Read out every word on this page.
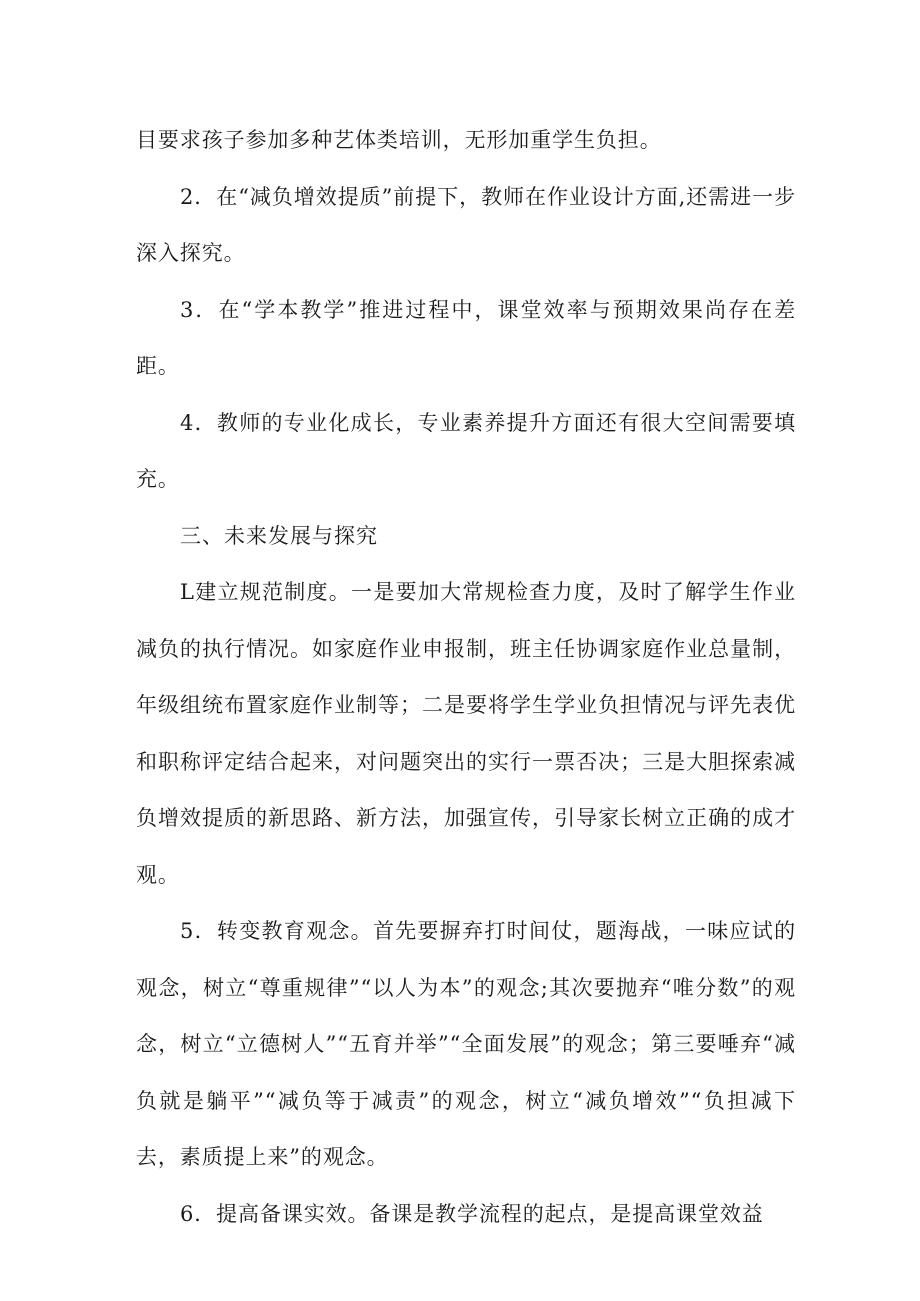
目要求孩子参加多种艺体类培训，无形加重学生负担。

2．在“减负增效提质”前提下，教师在作业设计方面,还需进一步深入探究。

3．在“学本教学”推进过程中，课堂效率与预期效果尚存在差距。

4．教师的专业化成长，专业素养提升方面还有很大空间需要填充。

三、未来发展与探究

L建立规范制度。一是要加大常规检查力度，及时了解学生作业减负的执行情况。如家庭作业申报制，班主任协调家庭作业总量制，年级组统布置家庭作业制等；二是要将学生学业负担情况与评先表优和职称评定结合起来，对问题突出的实行一票否决；三是大胆探索减负增效提质的新思路、新方法，加强宣传，引导家长树立正确的成才观。

5．转变教育观念。首先要摒弃打时间仗，题海战，一味应试的观念，树立“尊重规律”“以人为本”的观念;其次要抛弃“唯分数”的观念，树立“立德树人”“五育并举”“全面发展”的观念；第三要唾弃“减负就是躺平”“减负等于减责”的观念，树立“减负增效”“负担减下去，素质提上来”的观念。

6．提高备课实效。备课是教学流程的起点，是提高课堂效益
